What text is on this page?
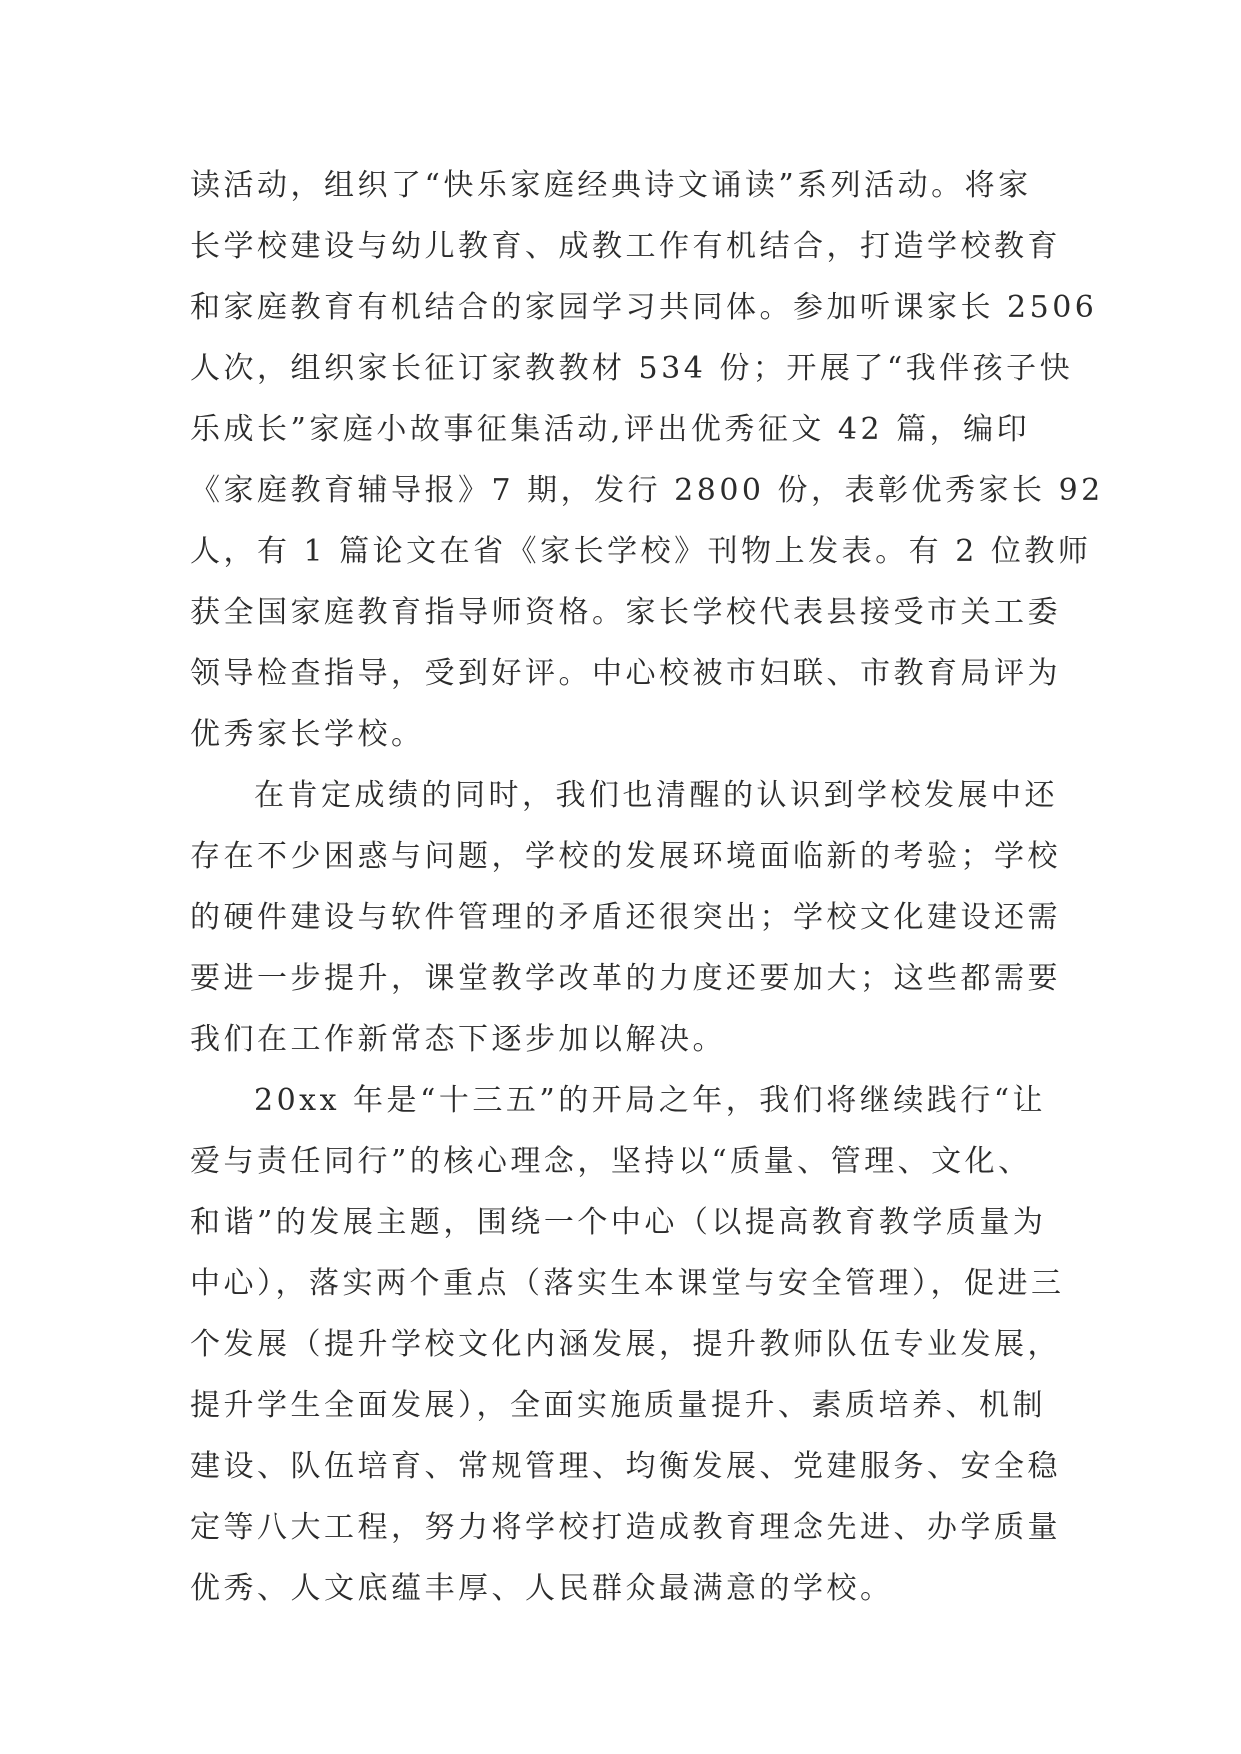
读活动，组织了“快乐家庭经典诗文诵读”系列活动。将家
长学校建设与幼儿教育、成教工作有机结合，打造学校教育
和家庭教育有机结合的家园学习共同体。参加听课家长 2506
人次，组织家长征订家教教材 534 份；开展了“我伴孩子快
乐成长”家庭小故事征集活动,评出优秀征文 42 篇，编印
《家庭教育辅导报》7 期，发行 2800 份，表彰优秀家长 92
人，有 1 篇论文在省《家长学校》刊物上发表。有 2 位教师
获全国家庭教育指导师资格。家长学校代表县接受市关工委
领导检查指导，受到好评。中心校被市妇联、市教育局评为
优秀家长学校。
在肯定成绩的同时，我们也清醒的认识到学校发展中还
存在不少困惑与问题，学校的发展环境面临新的考验；学校
的硬件建设与软件管理的矛盾还很突出；学校文化建设还需
要进一步提升，课堂教学改革的力度还要加大；这些都需要
我们在工作新常态下逐步加以解决。
20xx 年是“十三五”的开局之年，我们将继续践行“让
爱与责任同行”的核心理念，坚持以“质量、管理、文化、
和谐”的发展主题，围绕一个中心（以提高教育教学质量为
中心），落实两个重点（落实生本课堂与安全管理），促进三
个发展（提升学校文化内涵发展，提升教师队伍专业发展，
提升学生全面发展），全面实施质量提升、素质培养、机制
建设、队伍培育、常规管理、均衡发展、党建服务、安全稳
定等八大工程，努力将学校打造成教育理念先进、办学质量
优秀、人文底蕴丰厚、人民群众最满意的学校。
